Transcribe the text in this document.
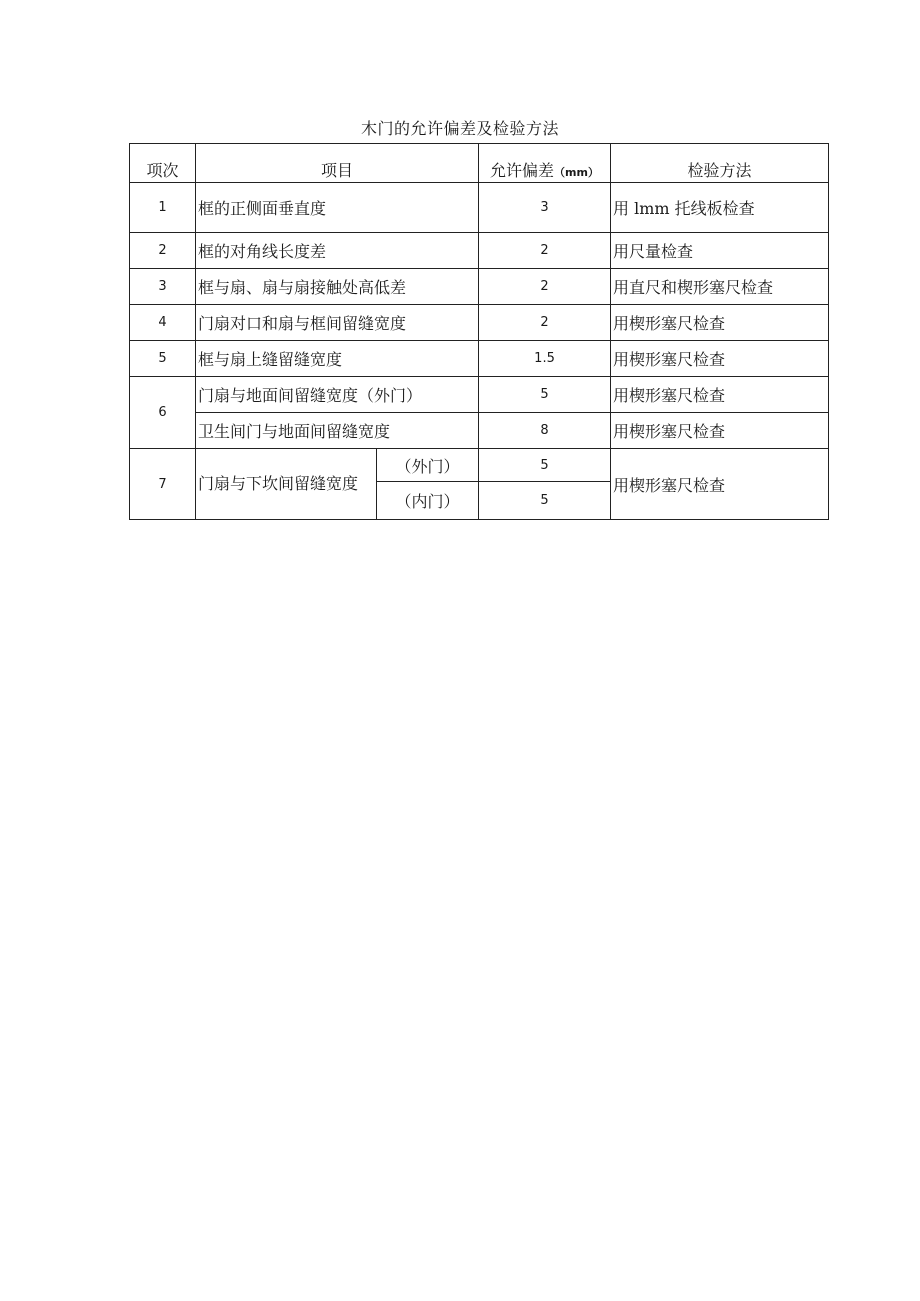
木门的允许偏差及检验方法
项次	项目		允许偏差（mm）	检验方法
1	框的正侧面垂直度		3	用 lmm 托线板检查
2	框的对角线长度差		2	用尺量检查
3	框与扇、扇与扇接触处高低差		2	用直尺和楔形塞尺检查
4	门扇对口和扇与框间留缝宽度		2	用楔形塞尺检查
5	框与扇上缝留缝宽度		1.5	用楔形塞尺检查
6	门扇与地面间留缝宽度（外门）		5	用楔形塞尺检查
	卫生间门与地面间留缝宽度		8	用楔形塞尺检查
7	门扇与下坎间留缝宽度	（外门）	5	用楔形塞尺检查
		（内门）	5	
